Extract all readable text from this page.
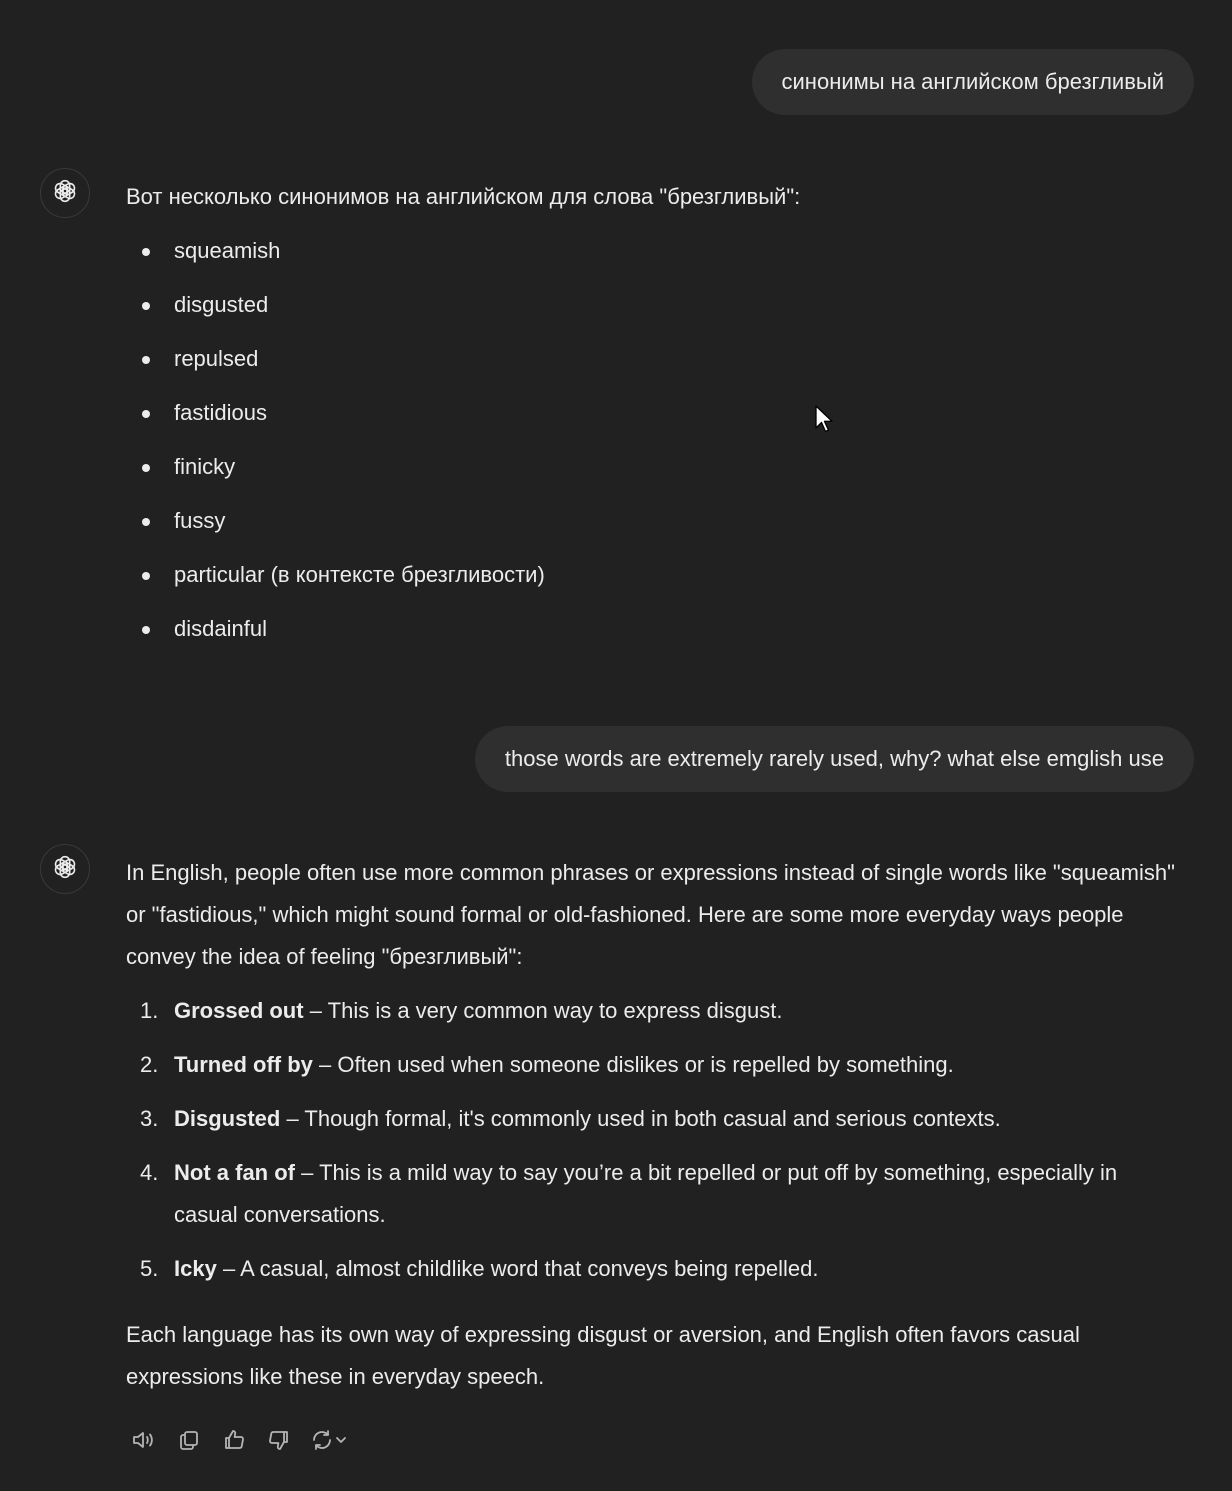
синонимы на английском брезгливый

Вот несколько синонимов на английском для слова "брезгливый":

squeamish
disgusted
repulsed
fastidious
finicky
fussy
particular (в контексте брезгливости)
disdainful
those words are extremely rarely used, why? what else emglish use

In English, people often use more common phrases or expressions instead of single words like "squeamish" or "fastidious," which might sound formal or old-fashioned. Here are some more everyday ways people convey the idea of feeling "брезгливый":

1. Grossed out – This is a very common way to express disgust.
2. Turned off by – Often used when someone dislikes or is repelled by something.
3. Disgusted – Though formal, it's commonly used in both casual and serious contexts.
4. Not a fan of – This is a mild way to say you’re a bit repelled or put off by something, especially in casual conversations.
5. Icky – A casual, almost childlike word that conveys being repelled.

Each language has its own way of expressing disgust or aversion, and English often favors casual expressions like these in everyday speech.
